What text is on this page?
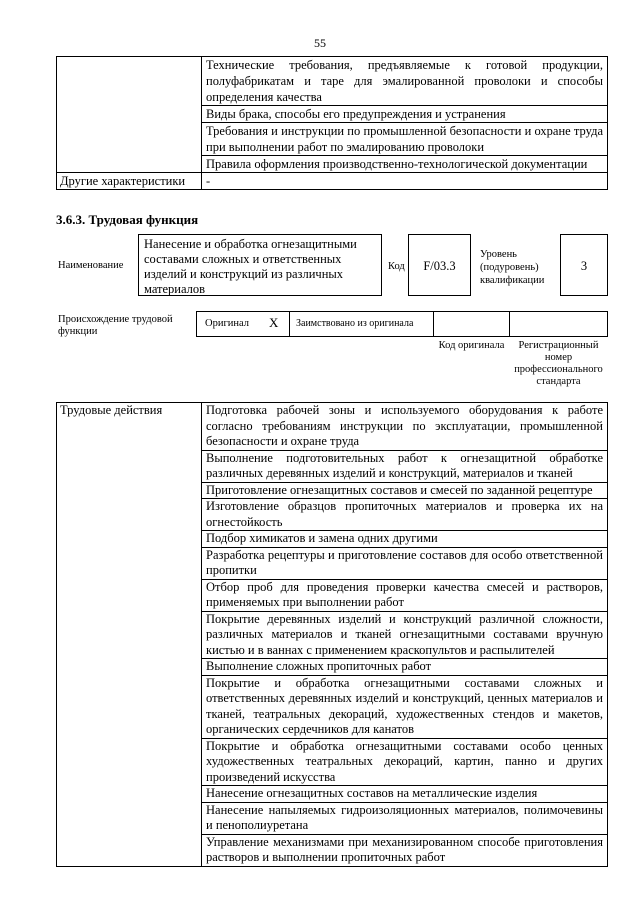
55
	Технические требования, предъявляемые к готовой продукции, полуфабрикатам и таре для эмалированной проволоки и способы определения качества
	Виды брака, способы его предупреждения и устранения
	Требования и инструкции по промышленной безопасности и охране труда при выполнении работ по эмалированию проволоки
	Правила оформления производственно-технологической документации
Другие характеристики	-
3.6.3. Трудовая функция
Наименование
Нанесение и обработка огнезащитными составами сложных и ответственных изделий и конструкций из различных материалов
Код	F/03.3
Уровень (подуровень) квалификации
3
Происхождение трудовой функции
Оригинал X	Заимствовано из оригинала
Код оригинала	Регистрационный номер профессионального стандарта
Трудовые действия	Подготовка рабочей зоны и используемого оборудования к работе согласно требованиям инструкции по эксплуатации, промышленной безопасности и охране труда
Выполнение подготовительных работ к огнезащитной обработке различных деревянных изделий и конструкций, материалов и тканей
Приготовление огнезащитных составов и смесей по заданной рецептуре
Изготовление образцов пропиточных материалов и проверка их на огнестойкость
Подбор химикатов и замена одних другими
Разработка рецептуры и приготовление составов для особо ответственной пропитки
Отбор проб для проведения проверки качества смесей и растворов, применяемых при выполнении работ
Покрытие деревянных изделий и конструкций различной сложности, различных материалов и тканей огнезащитными составами вручную кистью и в ваннах с применением краскопультов и распылителей
Выполнение сложных пропиточных работ
Покрытие и обработка огнезащитными составами сложных и ответственных деревянных изделий и конструкций, ценных материалов и тканей, театральных декораций, художественных стендов и макетов, органических сердечников для канатов
Покрытие и обработка огнезащитными составами особо ценных художественных театральных декораций, картин, панно и других произведений искусства
Нанесение огнезащитных составов на металлические изделия
Нанесение напыляемых гидроизоляционных материалов, полимочевины и пенополиуретана
Управление механизмами при механизированном способе приготовления растворов и выполнении пропиточных работ
